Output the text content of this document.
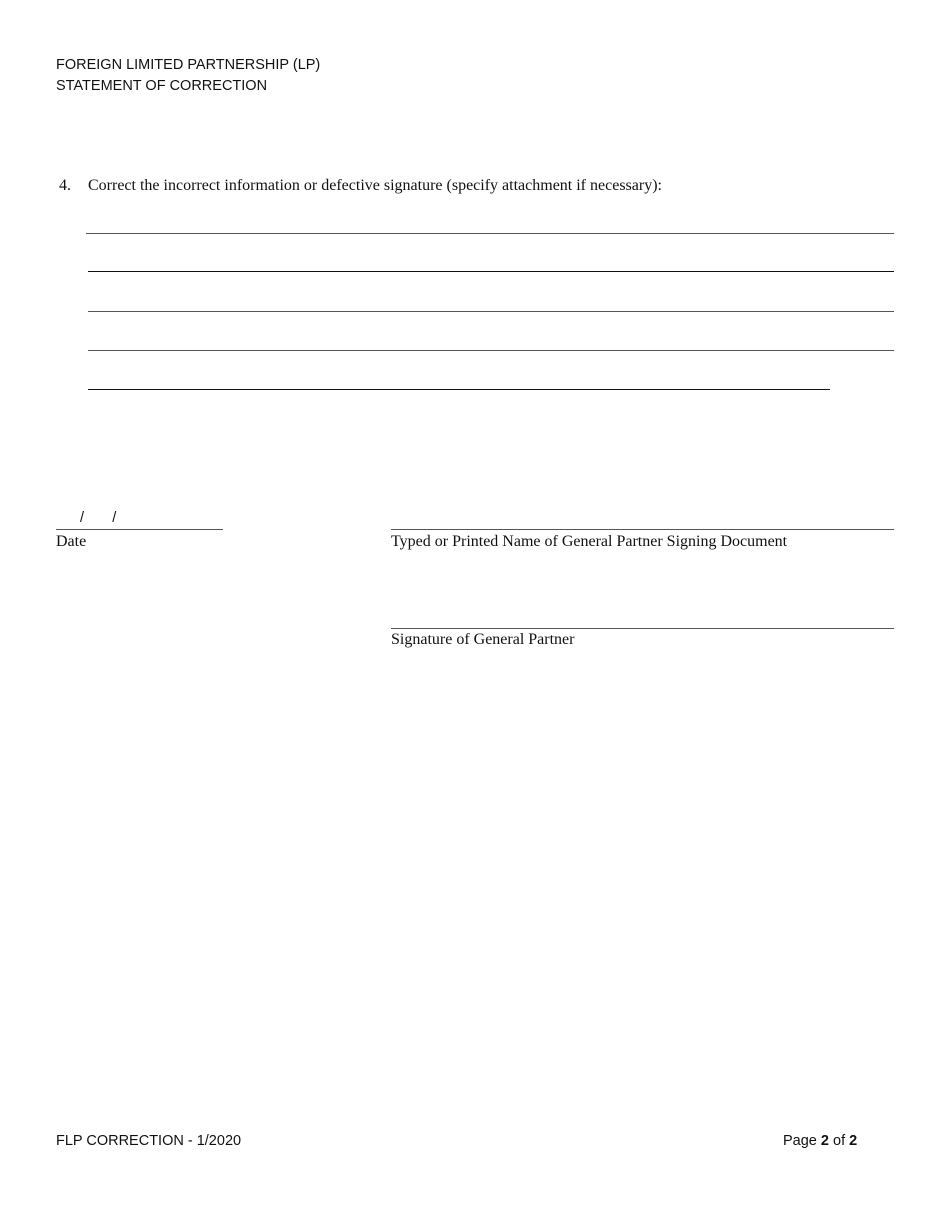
FOREIGN LIMITED PARTNERSHIP (LP)
STATEMENT OF CORRECTION
4. Correct the incorrect information or defective signature (specify attachment if necessary):
/       /
Date	Typed or Printed Name of General Partner Signing Document
Signature of General Partner
FLP CORRECTION - 1/2020	Page 2 of 2
